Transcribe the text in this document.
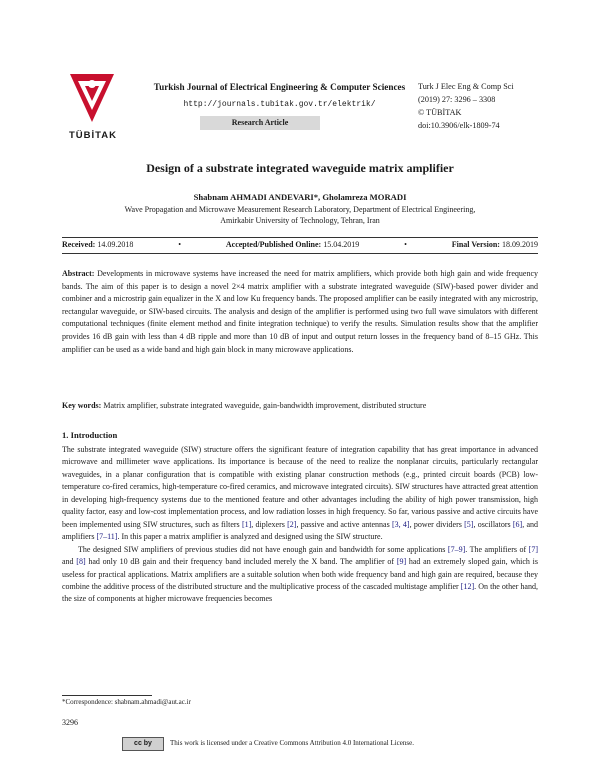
TÜBİTAK
Turkish Journal of Electrical Engineering & Computer Sciences
http://journals.tubitak.gov.tr/elektrik/
Research Article
Turk J Elec Eng & Comp Sci
(2019) 27: 3296 – 3308
© TÜBİTAK
doi:10.3906/elk-1809-74
Design of a substrate integrated waveguide matrix amplifier
Shabnam AHMADI ANDEVARI*, Gholamreza MORADI
Wave Propagation and Microwave Measurement Research Laboratory, Department of Electrical Engineering,
Amirkabir University of Technology, Tehran, Iran
Received: 14.09.2018	•	Accepted/Published Online: 15.04.2019	•	Final Version: 18.09.2019
Abstract: Developments in microwave systems have increased the need for matrix amplifiers, which provide both high gain and wide frequency bands. The aim of this paper is to design a novel 2×4 matrix amplifier with a substrate integrated waveguide (SIW)-based power divider and combiner and a microstrip gain equalizer in the X and low Ku frequency bands. The proposed amplifier can be easily integrated with any microstrip, rectangular waveguide, or SIW-based circuits. The analysis and design of the amplifier is performed using two full wave simulators with different computational techniques (finite element method and finite integration technique) to verify the results. Simulation results show that the amplifier provides 16 dB gain with less than 4 dB ripple and more than 10 dB of input and output return losses in the frequency band of 8–15 GHz. This amplifier can be used as a wide band and high gain block in many microwave applications.
Key words: Matrix amplifier, substrate integrated waveguide, gain-bandwidth improvement, distributed structure
1. Introduction

The substrate integrated waveguide (SIW) structure offers the significant feature of integration capability that has great importance in advanced microwave and millimeter wave applications. Its importance is because of the need to realize the nonplanar circuits, particularly rectangular waveguides, in a planar configuration that is compatible with existing planar construction methods (e.g., printed circuit boards (PCB) low-temperature co-fired ceramics, high-temperature co-fired ceramics, and microwave integrated circuits). SIW structures have attracted great attention in developing high-frequency systems due to the mentioned feature and other advantages including the ability of high power transmission, high quality factor, easy and low-cost implementation process, and low radiation losses in high frequency. So far, various passive and active circuits have been implemented using SIW structures, such as filters [1], diplexers [2], passive and active antennas [3, 4], power dividers [5], oscillators [6], and amplifiers [7–11]. In this paper a matrix amplifier is analyzed and designed using the SIW structure.

The designed SIW amplifiers of previous studies did not have enough gain and bandwidth for some applications [7–9]. The amplifiers of [7] and [8] had only 10 dB gain and their frequency band included merely the X band. The amplifier of [9] had an extremely sloped gain, which is useless for practical applications. Matrix amplifiers are a suitable solution when both wide frequency band and high gain are required, because they combine the additive process of the distributed structure and the multiplicative process of the cascaded multistage amplifier [12]. On the other hand, the size of components at higher microwave frequencies becomes

*Correspondence: shabnam.ahmadi@aut.ac.ir
3296
cc by	This work is licensed under a Creative Commons Attribution 4.0 International License.
